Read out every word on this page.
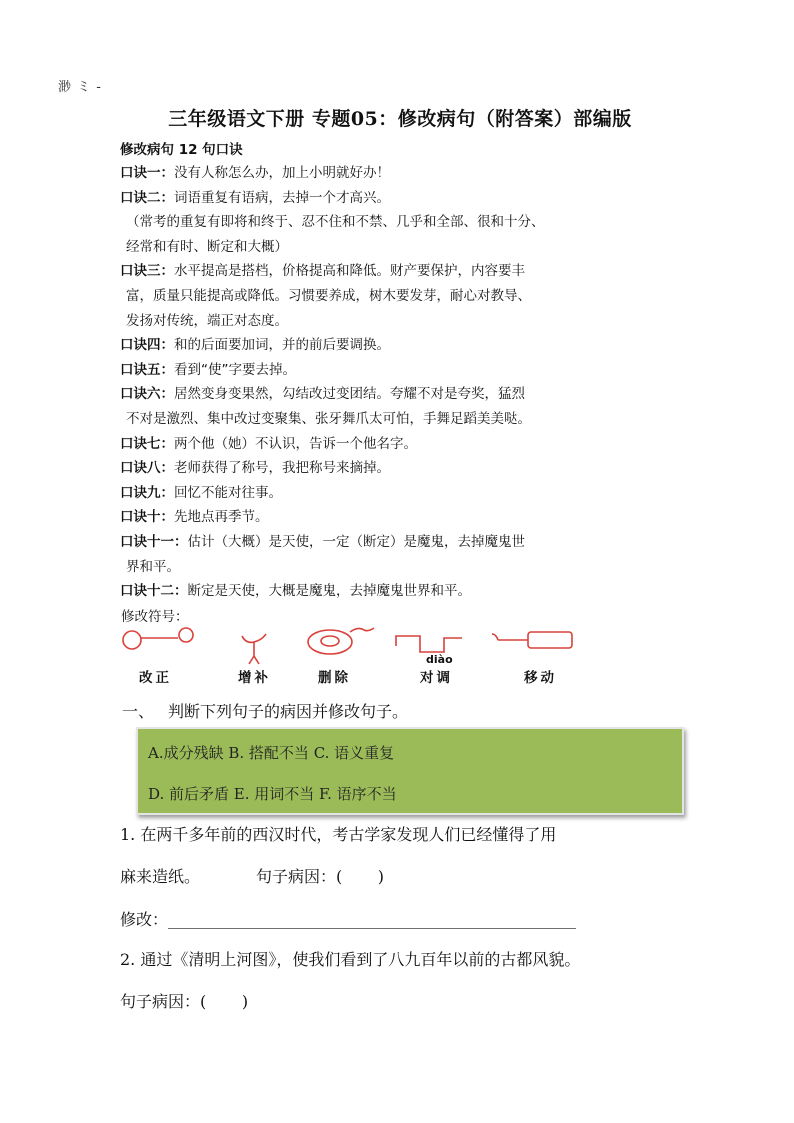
渺 ミ -
三年级语文下册 专题05：修改病句（附答案）部编版
修改病句 12 句口诀

口诀一：没有人称怎么办，加上小明就好办！

口诀二：词语重复有语病，去掉一个才高兴。

（常考的重复有即将和终于、忍不住和不禁、几乎和全部、很和十分、

经常和有时、断定和大概）

口诀三：水平提高是搭档，价格提高和降低。财产要保护，内容要丰

富，质量只能提高或降低。习惯要养成，树木要发芽，耐心对教导、

发扬对传统，端正对态度。

口诀四：和的后面要加词，并的前后要调换。

口诀五：看到“使”字要去掉。

口诀六：居然变身变果然，勾结改过变团结。夸耀不对是夸奖，猛烈

不对是激烈、集中改过变聚集、张牙舞爪太可怕，手舞足蹈美美哒。

口诀七：两个他（她）不认识，告诉一个他名字。

口诀八：老师获得了称号，我把称号来摘掉。

口诀九：回忆不能对往事。

口诀十：先地点再季节。

口诀十一：估计（大概）是天使，一定（断定）是魔鬼，去掉魔鬼世

界和平。

口诀十二：断定是天使，大概是魔鬼，去掉魔鬼世界和平。

修改符号：
diào
改正	增补	删除	对调	移动
一、 判断下列句子的病因并修改句子。
A.成分残缺 B. 搭配不当 C. 语义重复
D. 前后矛盾 E. 用词不当 F. 语序不当
1. 在两千多年前的西汉时代，考古学家发现人们已经懂得了用
麻来造纸。           句子病因：(       )
修改：___________________________________________________
2. 通过《清明上河图》，使我们看到了八九百年以前的古都风貌。
句子病因：(       )
